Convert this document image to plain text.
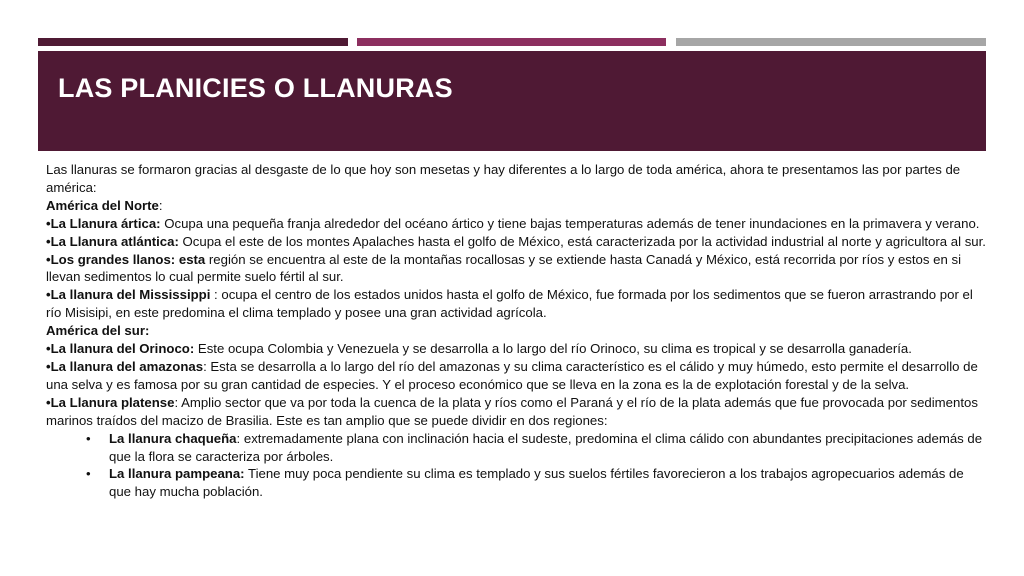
LAS PLANICIES O LLANURAS

Las llanuras se formaron gracias al desgaste de lo que hoy son mesetas y hay diferentes a lo largo de toda américa, ahora te presentamos las por partes de américa:

América del Norte:

•La Llanura ártica: Ocupa una pequeña franja alrededor del océano ártico y tiene bajas temperaturas además de tener inundaciones en la primavera y verano.

•La Llanura atlántica: Ocupa el este de los montes Apalaches hasta el golfo de México, está caracterizada por la actividad industrial al norte y agricultora al sur.

•Los grandes llanos: esta región se encuentra al este de la montañas rocallosas y se extiende hasta Canadá y México, está recorrida por ríos y estos en si llevan sedimentos lo cual permite suelo fértil al sur.

•La llanura del Mississippi : ocupa el centro de los estados unidos hasta el golfo de Méxicо, fue formada por los sedimentos que se fueron arrastrando por el río Misisipi, en este predomina el clima templado y posee una gran actividad agrícola.

América del sur:

•La llanura del Orinoco: Este ocupa Colombia y Venezuela y se desarrolla a lo largo del río Orinoco, su clima es tropical y se desarrolla ganadería.

•La llanura del amazonas: Esta se desarrolla a lo largo del río del amazonas y su clima característico es el cálido y muy húmedo, esto permite el desarrollo de una selva y es famosa por su gran cantidad de especies. Y el proceso económico que se lleva en la zona es la de explotación forestal y de la selva.

•La Llanura platense: Amplio sector que va por toda la cuenca de la plata y ríos como el Paraná y el río de la plata además que fue provocada por sedimentos marinos traídos del macizo de Brasilia. Este es tan amplio que se puede dividir en dos regiones:

• La llanura chaqueña: extremadamente plana con inclinación hacia el sudeste, predomina el clima cálido con abundantes precipitaciones además de que la flora se caracteriza por árboles.
• La llanura pampeana: Tiene muy poca pendiente su clima es templado y sus suelos fértiles favorecieron a los trabajos agropecuarios además de que hay mucha población.
